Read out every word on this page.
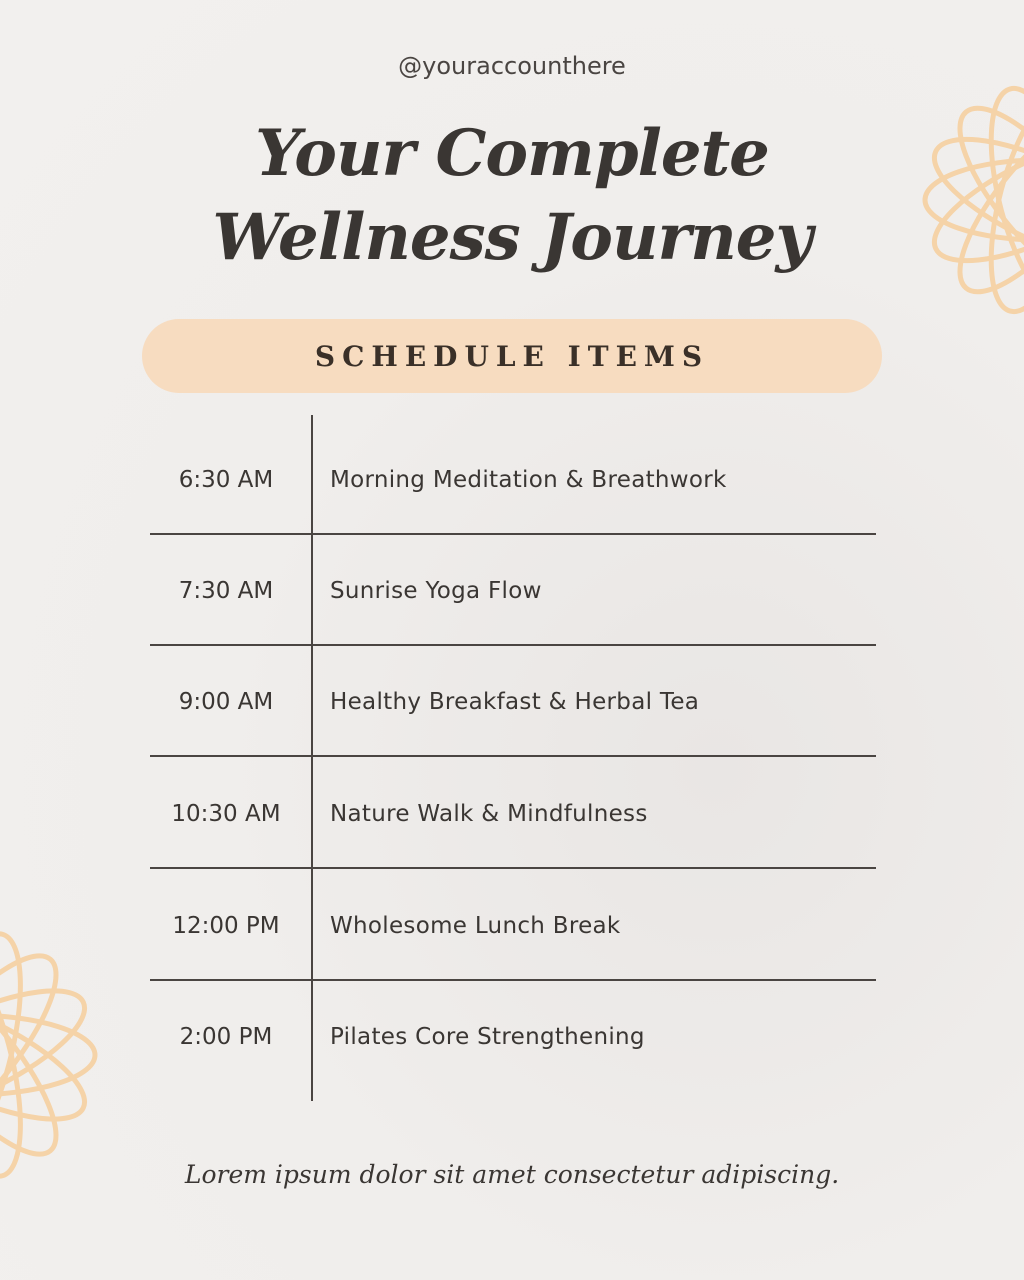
@youraccounthere
Your Complete
Wellness Journey
SCHEDULE ITEMS
6:30 AM	Morning Meditation & Breathwork
7:30 AM	Sunrise Yoga Flow
9:00 AM	Healthy Breakfast & Herbal Tea
10:30 AM	Nature Walk & Mindfulness
12:00 PM	Wholesome Lunch Break
2:00 PM	Pilates Core Strengthening
Lorem ipsum dolor sit amet consectetur adipiscing.
